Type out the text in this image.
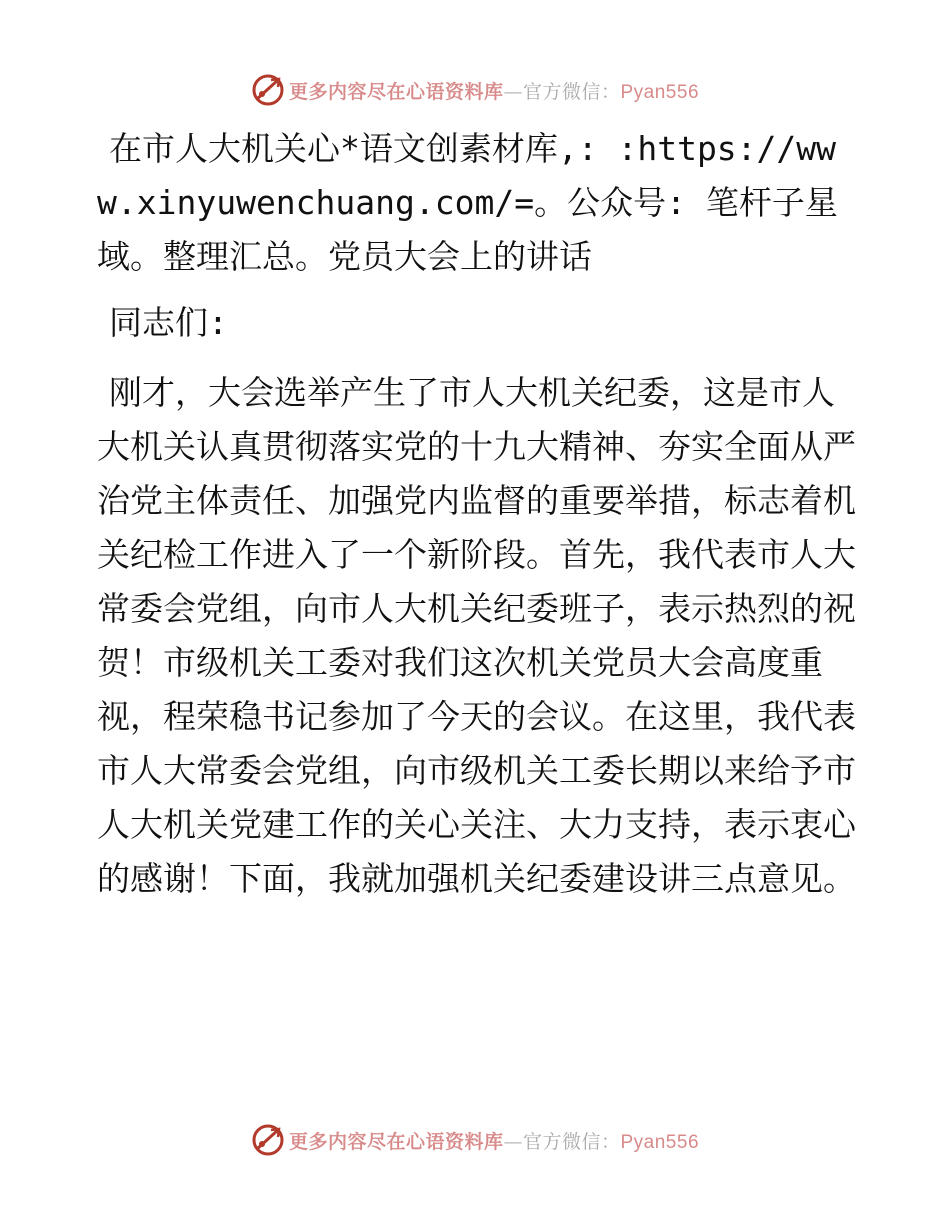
更多内容尽在心语资料库—官方微信：Pyan556

在市人大机关心*语文创素材库,: :https://www.xinyuwenchuang.com/=。公众号: 笔杆子星域。整理汇总。党员大会上的讲话

同志们:

刚才，大会选举产生了市人大机关纪委，这是市人大机关认真贯彻落实党的十九大精神、夯实全面从严治党主体责任、加强党内监督的重要举措，标志着机关纪检工作进入了一个新阶段。首先，我代表市人大常委会党组，向市人大机关纪委班子，表示热烈的祝贺！市级机关工委对我们这次机关党员大会高度重视，程荣稳书记参加了今天的会议。在这里，我代表市人大常委会党组，向市级机关工委长期以来给予市人大机关党建工作的关心关注、大力支持，表示衷心的感谢！下面，我就加强机关纪委建设讲三点意见。

更多内容尽在心语资料库—官方微信：Pyan556
